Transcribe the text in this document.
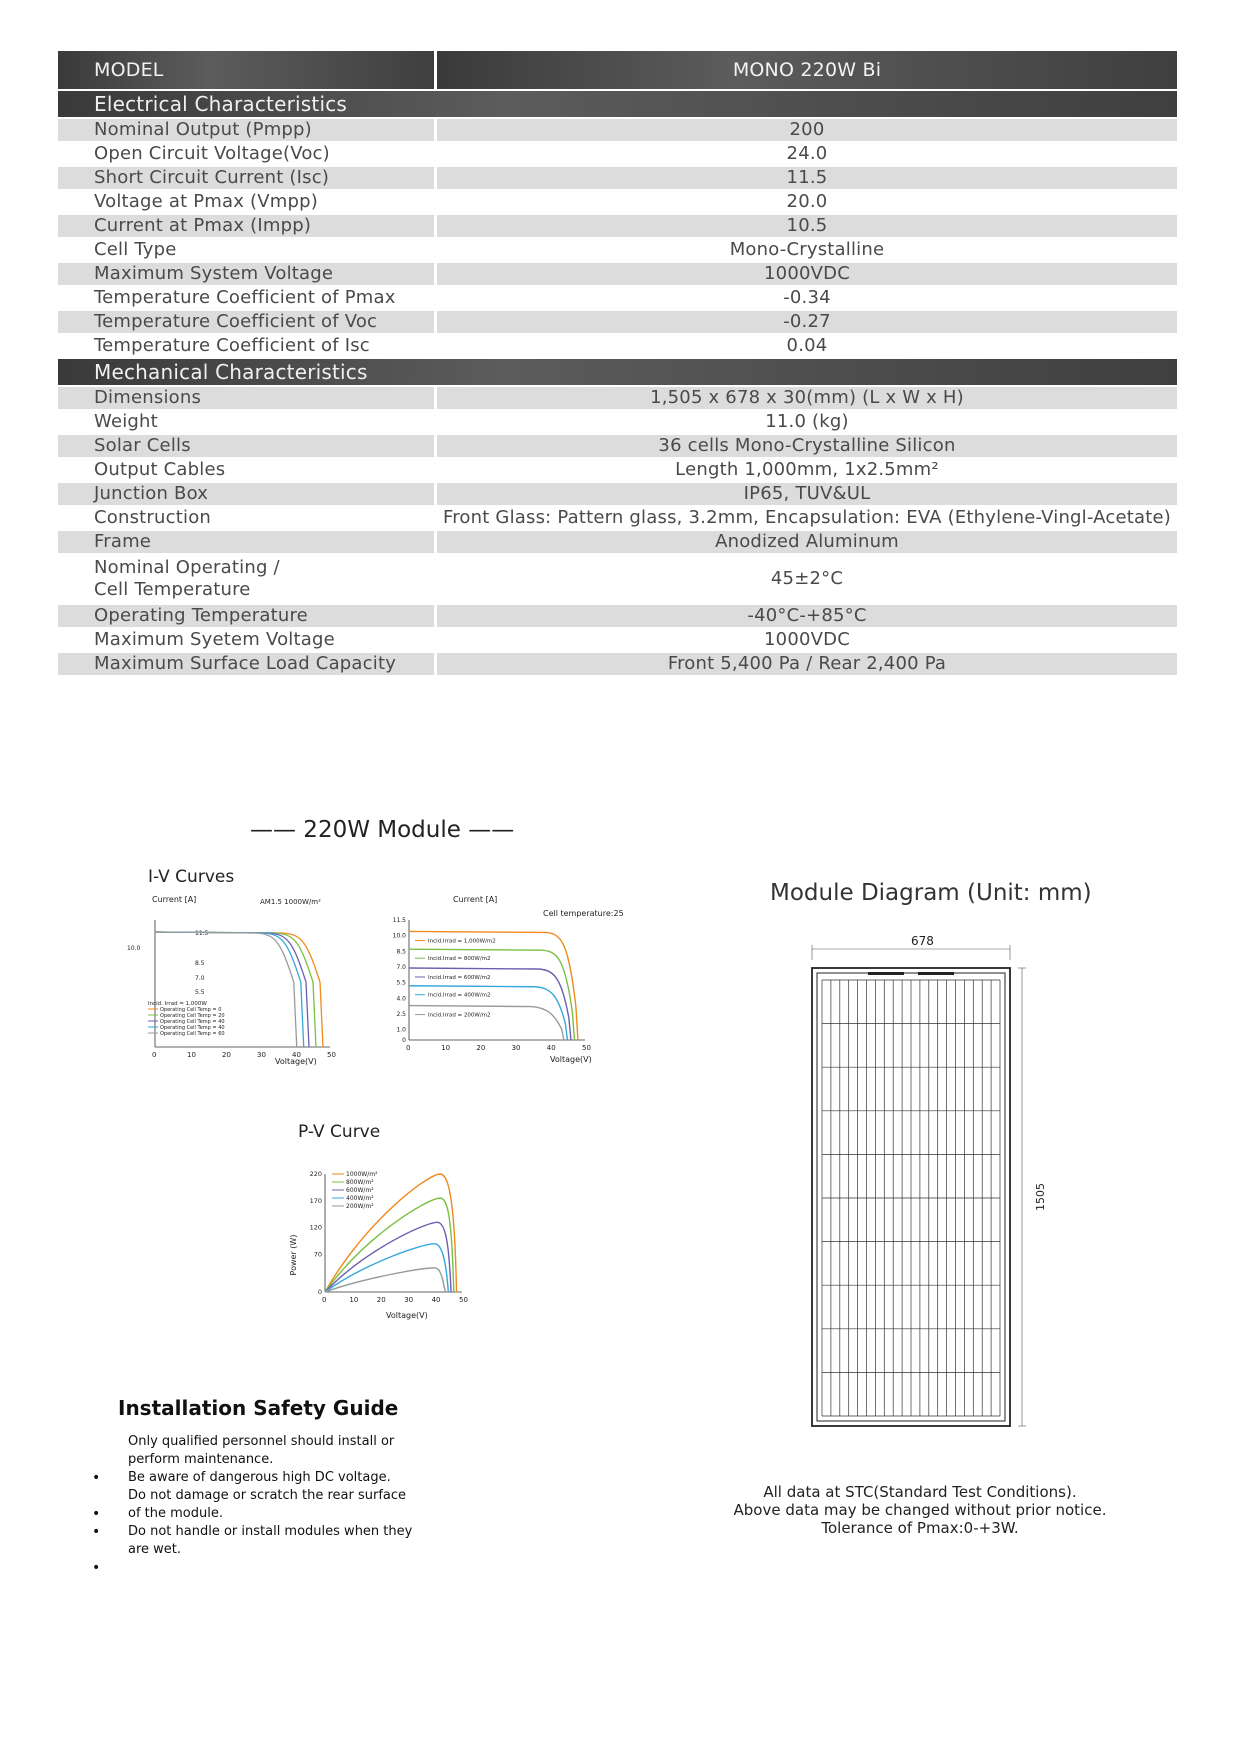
MODEL	MONO 220W Bi
Electrical Characteristics	
Nominal Output (Pmpp)	200
Open Circuit Voltage(Voc)	24.0
Short Circuit Current (Isc)	11.5
Voltage at Pmax (Vmpp)	20.0
Current at Pmax (Impp)	10.5
Cell Type	Mono-Crystalline
Maximum System Voltage	1000VDC
Temperature Coefficient of Pmax	-0.34
Temperature Coefficient of Voc	-0.27
Temperature Coefficient of Isc	0.04
Mechanical Characteristics	
Dimensions	1,505 x 678 x 30(mm) (L x W x H)
Weight	11.0 (kg)
Solar Cells	36 cells Mono-Crystalline Silicon
Output Cables	Length 1,000mm, 1x2.5mm²
Junction Box	IP65, TUV&UL
Construction	Front Glass: Pattern glass, 3.2mm, Encapsulation: EVA (Ethylene-Vingl-Acetate)
Frame	Anodized Aluminum

Nominal Operating /
Cell Temperature	45±2°C
Operating Temperature	-40°C-+85°C
Maximum Syetem Voltage	1000VDC
Maximum Surface Load Capacity	Front 5,400 Pa / Rear 2,400 Pa
—— 220W Module ——
I-V Curves
Current [A]	AM1.5 1000W/m²
11.5
10.0
8.5
7.0
5.5
0	10	20	30	40	50
Incid. Irrad = 1,000W
Operating Cell Temp = 0
Operating Cell Temp = 20
Operating Cell Temp = 40
Operating Cell Temp = 40
Operating Cell Temp = 60
Voltage(V)
Current [A]
Cell temperature:25
0
1.0
2.5
4.0
5.5
7.0
8.5
10.0
11.5
0	10	20	30	40	50
Incid.Irrad = 1,000W/m2
Incid.Irrad = 800W/m2
Incid.Irrad = 600W/m2
Incid.Irrad = 400W/m2
Incid.Irrad = 200W/m2
Voltage(V)
P-V Curve
Power (W)
0
70
120
170
220
0	10	20	30	40	50
1000W/m²
800W/m²
600W/m²
400W/m²
200W/m²
Voltage(V)
Module Diagram (Unit: mm)
678
1505
Installation Safety Guide
Only qualified personnel should install or
perform maintenance.
Be aware of dangerous high DC voltage.
Do not damage or scratch the rear surface
of the module.
Do not handle or install modules when they
are wet.
•
•
•
•
All data at STC(Standard Test Conditions).
Above data may be changed without prior notice.
Tolerance of Pmax:0-+3W.
